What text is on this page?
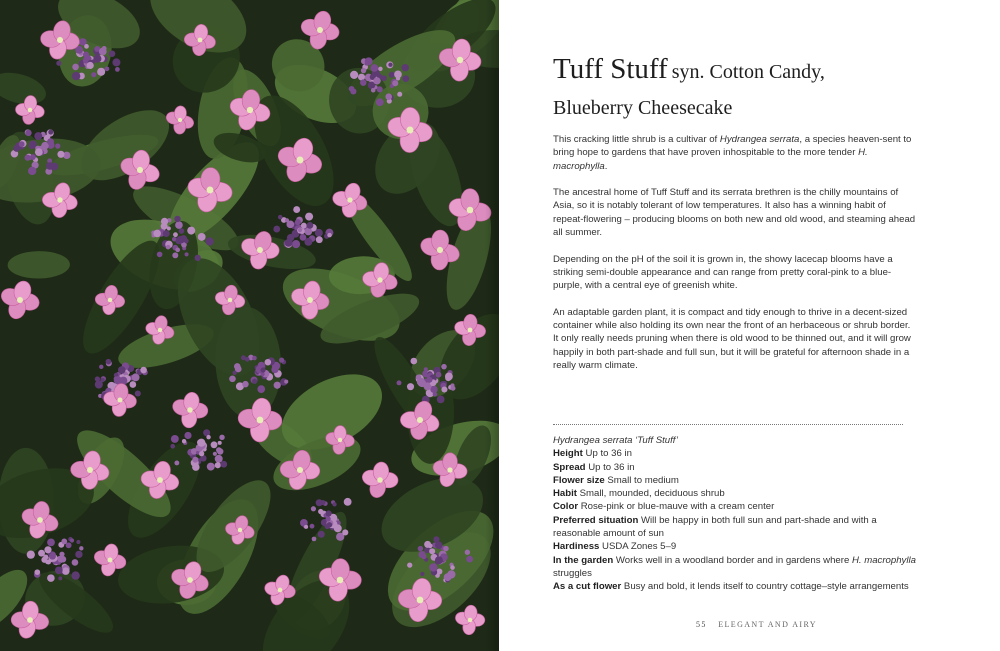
Tuff Stuff syn. Cotton Candy,
Blueberry Cheesecake

This cracking little shrub is a cultivar of Hydrangea serrata, a species heaven-sent to bring hope to gardens that have proven inhospitable to the more tender H. macrophylla.

The ancestral home of Tuff Stuff and its serrata brethren is the chilly mountains of Asia, so it is notably tolerant of low temperatures. It also has a winning habit of repeat-flowering – producing blooms on both new and old wood, and steaming ahead all summer.

Depending on the pH of the soil it is grown in, the showy lacecap blooms have a striking semi-double appearance and can range from pretty coral-pink to a blue-purple, with a central eye of greenish white.

An adaptable garden plant, it is compact and tidy enough to thrive in a decent-sized container while also holding its own near the front of an herbaceous or shrub border. It only really needs pruning when there is old wood to be thinned out, and it will grow happily in both part-shade and full sun, but it will be grateful for afternoon shade in a really warm climate.

Hydrangea serrata ‘Tuff Stuff’
Height Up to 36 in
Spread Up to 36 in
Flower size Small to medium
Habit Small, mounded, deciduous shrub
Color Rose-pink or blue-mauve with a cream center
Preferred situation Will be happy in both full sun and part-shade and with a reasonable amount of sun
Hardiness USDA Zones 5–9
In the garden Works well in a woodland border and in gardens where H. macrophylla struggles
As a cut flower Busy and bold, it lends itself to country cottage–style arrangements
55 ELEGANT AND AIRY
